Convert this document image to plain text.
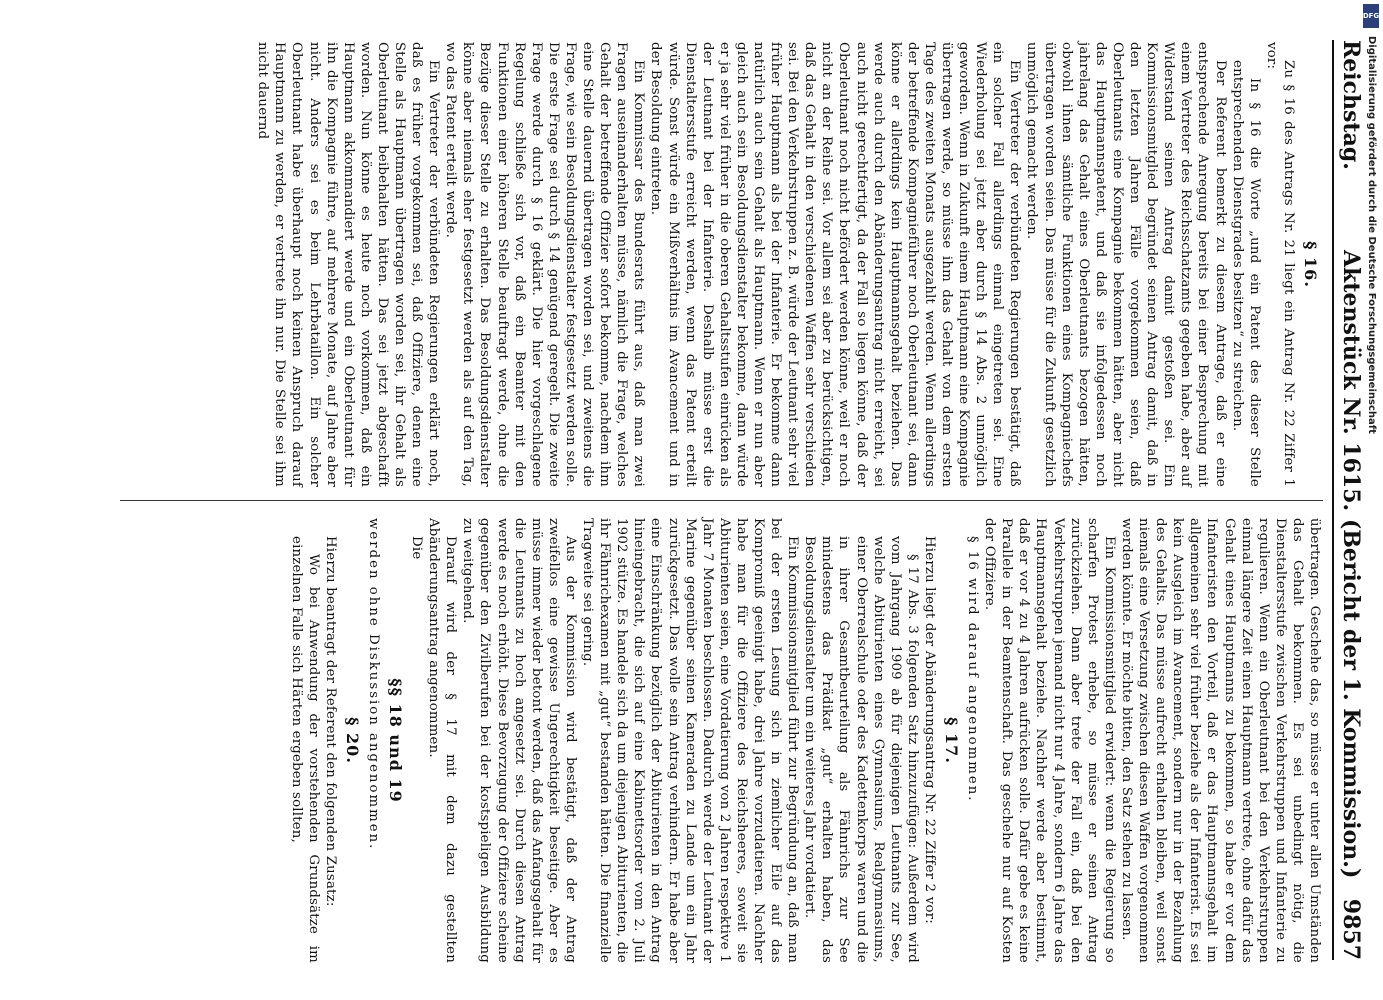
Reichstag.
Aktenstück Nr. 1615. (Bericht der 1. Kommission.)
9857
§ 16.

Zu § 16 des Antrags Nr. 21 liegt ein Antrag Nr. 22 Ziffer 1 vor:

In § 16 die Worte „und ein Patent des dieser Stelle entsprechenden Dienstgrades besitzen“ zu streichen.

Der Referent bemerkt zu diesem Antrage, daß er eine entsprechende Anregung bereits bei einer Besprechung mit einem Vertreter des Reichsschatzamts gegeben habe, aber auf Widerstand seinen Antrag damit gestoßen sei. Ein Kommissionsmitglied begründet seinen Antrag damit, daß in den letzten Jahren Fälle vorgekommen seien, daß Oberleutnants eine Kompagnie bekommen hätten, aber nicht das Hauptmannspatent, und daß sie infolgedessen noch jahrelang das Gehalt eines Oberleutnants bezogen hätten, obwohl ihnen sämtliche Funktionen eines Kompagniechefs übertragen worden seien. Das müsse für die Zukunft gesetzlich unmöglich gemacht werden.

Ein Vertreter der verbündeten Regierungen bestätigt, daß ein solcher Fall allerdings einmal eingetreten sei. Eine Wiederholung sei jetzt aber durch § 14 Abs. 2 unmöglich geworden. Wenn in Zukunft einem Hauptmann eine Kompagnie übertragen werde, so müsse ihm das Gehalt von dem ersten Tage des zweiten Monats ausgezahlt werden. Wenn allerdings der betreffende Kompagnieführer noch Oberleutnant sei, dann könne er allerdings kein Hauptmannsgehalt beziehen. Das werde auch durch den Abänderungsantrag nicht erreicht, sei auch nicht gerechtfertigt, da der Fall so liegen könne, daß der Oberleutnant noch nicht befördert werden könne, weil er noch nicht an der Reihe sei. Vor allem sei aber zu berücksichtigen, daß das Gehalt in den verschiedenen Waffen sehr verschieden sei. Bei den Verkehrstruppen z. B. würde der Leutnant sehr viel früher Hauptmann als bei der Infanterie. Er bekomme dann natürlich auch sein Gehalt als Hauptmann. Wenn er nun aber gleich auch sein Besoldungsdienstalter bekomme, dann würde er ja sehr viel früher in die oberen Gehaltsstufen einrücken als der Leutnant bei der Infanterie. Deshalb müsse erst die Dienstaltersstufe erreicht werden, wenn das Patent erteilt würde. Sonst würde ein Mißverhältnis im Avancement und in der Besoldung eintreten.

Ein Kommissar des Bundesrats führt aus, daß man zwei Fragen auseinanderhalten müsse, nämlich die Frage, welches Gehalt der betreffende Offizier sofort bekomme, nachdem ihm eine Stelle dauernd übertragen worden sei, und zweitens die Frage, wie sein Besoldungsdienstalter festgesetzt werden solle. Die erste Frage sei durch § 14 genügend geregelt. Die zweite Frage werde durch § 16 geklärt. Die hier vorgeschlagene Regelung schließe sich vor, daß ein Beamter mit den Funktionen einer höheren Stelle beauftragt werde, ohne die Bezüge dieser Stelle zu erhalten. Das Besoldungsdienstalter könne aber niemals eher festgesetzt werden als auf den Tag, wo das Patent erteilt werde.

Ein Vertreter der verbündeten Regierungen erklärt noch, daß es früher vorgekommen sei, daß Offiziere, denen eine Stelle als Hauptmann übertragen worden sei, ihr Gehalt als Oberleutnant beibehalten hätten. Das sei jetzt abgeschafft worden. Nun könne es heute noch vorkommen, daß ein Hauptmann akkommandiert werde und ein Oberleutnant für ihn die Kompagnie führe, auf mehrere Monate, auf Jahre aber nicht. Anders sei es beim Lehrbataillon. Ein solcher Oberleutnant habe überhaupt noch keinen Anspruch darauf Hauptmann zu werden, er vertrete ihn nur. Die Stelle sei ihm nicht dauernd

übertragen. Geschehe das, so müsse er unter allen Umständen das Gehalt bekommen. Es sei unbedingt nötig, die Dienstaltersstufe zwischen Verkehrstruppen und Infanterie zu regulieren. Wenn ein Oberleutnant bei den Verkehrstruppen einmal längere Zeit einen Hauptmann vertrete, ohne dafür das Gehalt eines Hauptmanns zu bekommen, so habe er vor dem Infanteristen den Vorteil, daß er das Hauptmannsgehalt im allgemeinen sehr viel früher beziehe als der Infanterist. Es sei kein Ausgleich im Avancement, sondern nur in der Bezahlung des Gehalts. Das müsse aufrecht erhalten bleiben, weil sonst niemals eine Versetzung zwischen diesen Waffen vorgenommen werden könnte. Er möchte bitten, den Satz stehen zu lassen.

Ein Kommissionsmitglied erwidert: wenn die Regierung so scharfen Protest erhebe, so müsse er seinen Antrag zurückziehen. Dann aber trete der Fall ein, daß bei den Verkehrstruppen jemand nicht nur 4 Jahre, sondern 6 Jahre das Hauptmannsgehalt beziehe. Nachher werde aber bestimmt, daß er vor 4 zu 4 Jahren aufrücken solle. Dafür gebe es keine Parallele in der Beamtenschaft. Das geschehe nur auf Kosten der Offiziere.

§ 16 wird darauf angenommen.

§ 17.

Hierzu liegt der Abänderungsantrag Nr. 22 Ziffer 2 vor:

§ 17 Abs. 3 folgenden Satz hinzuzufügen: Außerdem wird vom Jahrgang 1909 ab für diejenigen Leutnants zur See, welche Abiturienten eines Gymnasiums, Realgymnasiums, einer Oberrealschule oder des Kadettenkorps waren und die in ihrer Gesamtbeurteilung als Fähnrichs zur See mindestens das Prädikat „gut“ erhalten haben, das Besoldungsdienstalter um ein weiteres Jahr vordatiert.

Ein Kommissionsmitglied führt zur Begründung an, daß man bei der ersten Lesung sich in ziemlicher Eile auf das Kompromiß geeinigt habe, drei Jahre vorzudatieren. Nachher habe man für die Offiziere des Reichsheeres, soweit sie Abiturienten seien, eine Vordatierung von 2 Jahren respektive 1 Jahr 7 Monaten beschlossen. Dadurch werde der Leutnant der Marine gegenüber seinen Kameraden zu Lande um ein Jahr zurückgesetzt. Das wolle sein Antrag verhindern. Er habe aber eine Einschränkung bezüglich der Abiturienten in den Antrag hineingebracht, die sich auf eine Kabinettsorder vom 2. Juli 1902 stütze. Es handele sich da um diejenigen Abiturienten, die ihr Fähnrichexamen mit „gut“ bestanden hätten. Die finanzielle Tragweite sei gering.

Aus der Kommission wird bestätigt, daß der Antrag zweifellos eine gewisse Ungerechtigkeit beseitige. Aber es müsse immer wieder betont werden, daß das Anfangsgehalt für die Leutnants zu hoch angesetzt sei. Durch diesen Antrag werde es noch erhöht. Diese Bevorzugung der Offiziere scheine gegenüber den Zivilberufen bei der kostspieligen Ausbildung zu weitgehend.

Darauf wird der § 17 mit dem dazu gestellten Abänderungsantrag angenommen.

Die

§§ 18 und 19

werden ohne Diskussion angenommen.

§ 20.

Hierzu beantragt der Referent den folgenden Zusatz:

Wo bei Anwendung der vorstehenden Grundsätze im einzelnen Falle sich Härten ergeben sollten,

DFG
Digitalisierung gefördert durch die Deutsche Forschungsgemeinschaft
